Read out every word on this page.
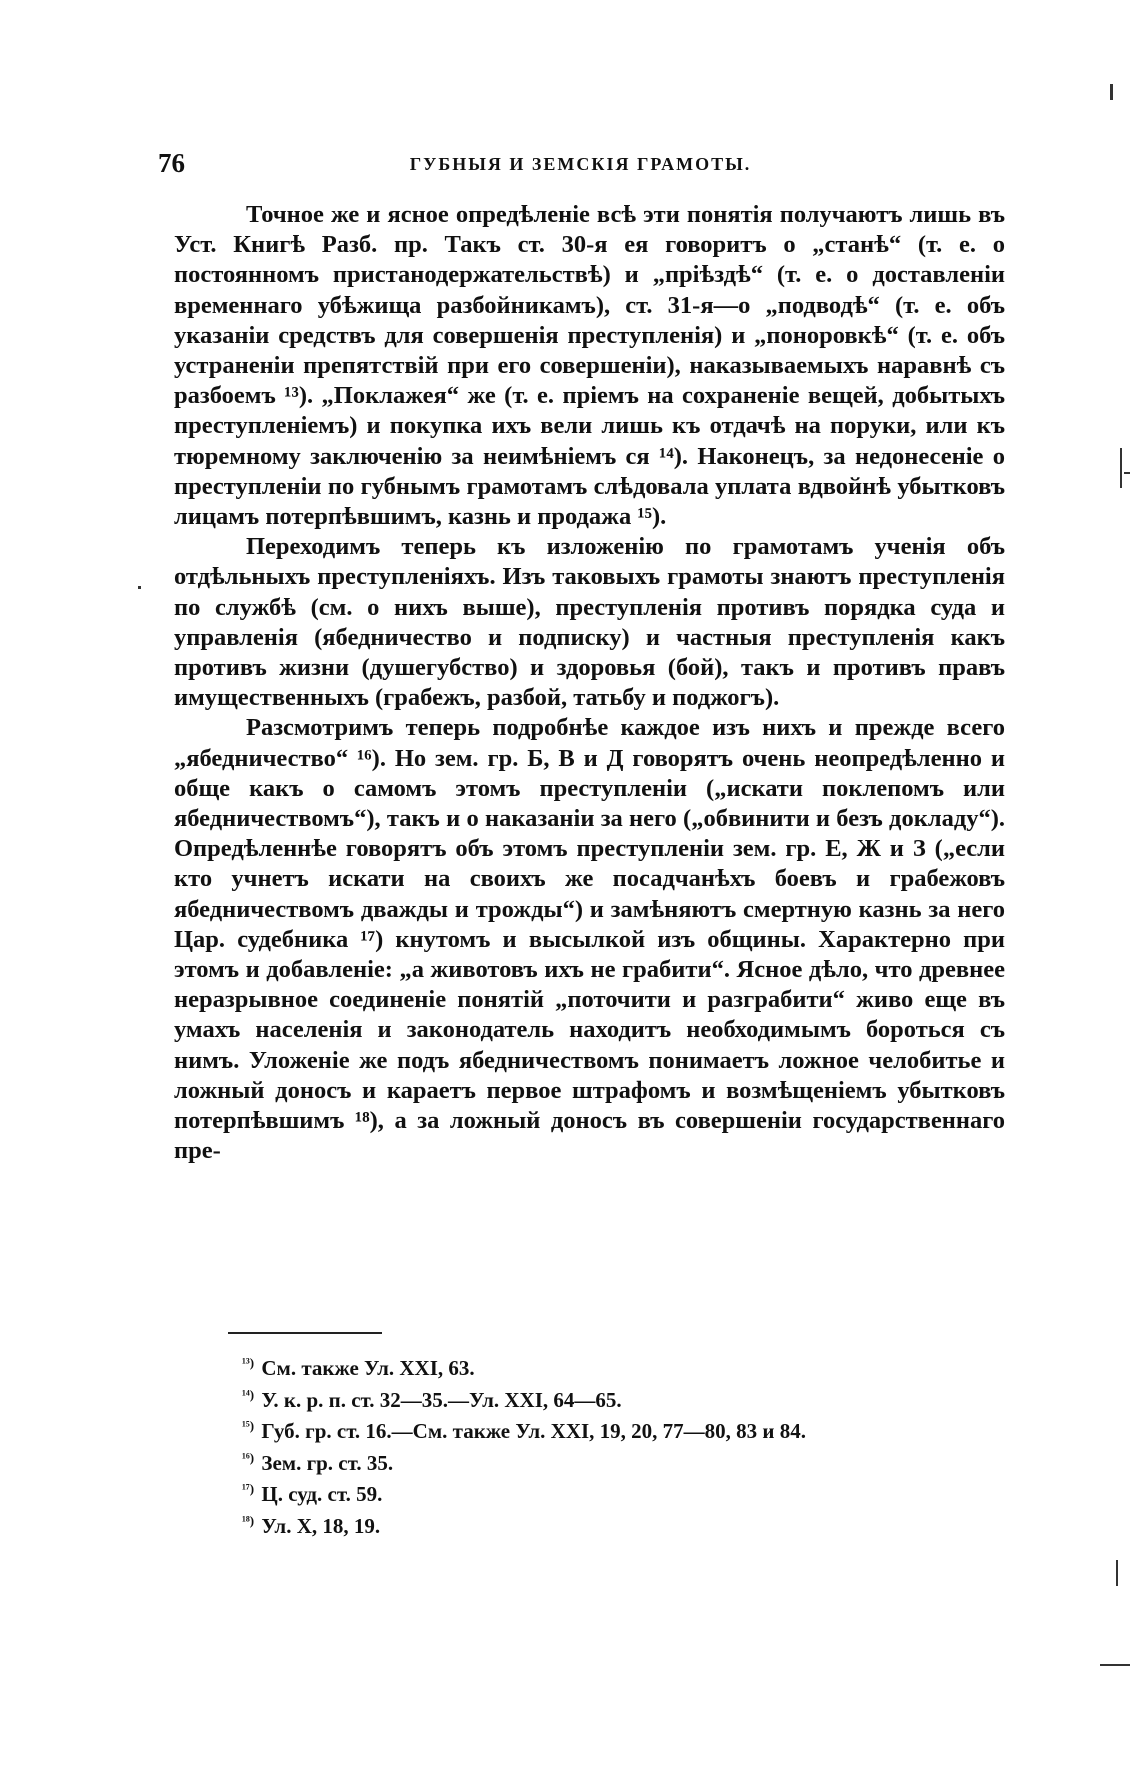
76	ГУБНЫЯ И ЗЕМСКІЯ ГРАМОТЫ.

Точное же и ясное опредѣленіе всѣ эти понятія получаютъ лишь въ Уст. Книгѣ Разб. пр. Такъ ст. 30-я ея говоритъ о „станѣ“ (т. е. о постоянномъ пристанодержательствѣ) и „пріѣздѣ“ (т. е. о доставленіи временнаго убѣжища разбойникамъ), ст. 31-я—о „подводѣ“ (т. е. объ указаніи средствъ для совершенія преступленія) и „поноровкѣ“ (т. е. объ устраненіи препятствій при его совершеніи), наказываемыхъ наравнѣ съ разбоемъ ¹³). „Поклажея“ же (т. е. пріемъ на сохраненіе вещей, добытыхъ преступленіемъ) и покупка ихъ вели лишь къ отдачѣ на поруки, или къ тюремному заключенію за неимѣніемъ ся ¹⁴). Наконецъ, за недонесеніе о преступленіи по губнымъ грамотамъ слѣдовала уплата вдвойнѣ убытковъ лицамъ потерпѣвшимъ, казнь и продажа ¹⁵).

Переходимъ теперь къ изложенію по грамотамъ ученія объ отдѣльныхъ преступленіяхъ. Изъ таковыхъ грамоты знаютъ преступленія по службѣ (см. о нихъ выше), преступленія противъ порядка суда и управленія (ябедничество и подписку) и частныя преступленія какъ противъ жизни (душегубство) и здоровья (бой), такъ и противъ правъ имущественныхъ (грабежъ, разбой, татьбу и поджогъ).

Разсмотримъ теперь подробнѣе каждое изъ нихъ и прежде всего „ябедничество“ ¹⁶). Но зем. гр. Б, В и Д говорятъ очень неопредѣленно и обще какъ о самомъ этомъ преступленіи („искати поклепомъ или ябедничествомъ“), такъ и о наказаніи за него („обвинити и безъ докладу“). Опредѣленнѣе говорятъ объ этомъ преступленіи зем. гр. Е, Ж и З („если кто учнетъ искати на своихъ же посадчанѣхъ боевъ и грабежовъ ябедничествомъ дважды и трожды“) и замѣняютъ смертную казнь за него Цар. судебника ¹⁷) кнутомъ и высылкой изъ общины. Характерно при этомъ и добавленіе: „а животовъ ихъ не грабити“. Ясное дѣло, что древнее неразрывное соединеніе понятій „поточити и разграбити“ живо еще въ умахъ населенія и законодатель находитъ необходимымъ бороться съ нимъ. Уложеніе же подъ ябедничествомъ понимаетъ ложное челобитье и ложный доносъ и караетъ первое штрафомъ и возмѣщеніемъ убытковъ потерпѣвшимъ ¹⁸), а за ложный доносъ въ совершеніи государственнаго пре-

$^{^{13})}$ См. также Ул. XXI, 63.
$^{^{14})}$ У. к. р. п. ст. 32—35.—Ул. XXI, 64—65.
$^{^{15})}$ Губ. гр. ст. 16.—См. также Ул. XXI, 19, 20, 77—80, 83 и 84.
$^{^{16})}$ Зем. гр. ст. 35.
$^{^{17})}$ Ц. суд. ст. 59.
$^{^{18})}$ Ул. X, 18, 19.
